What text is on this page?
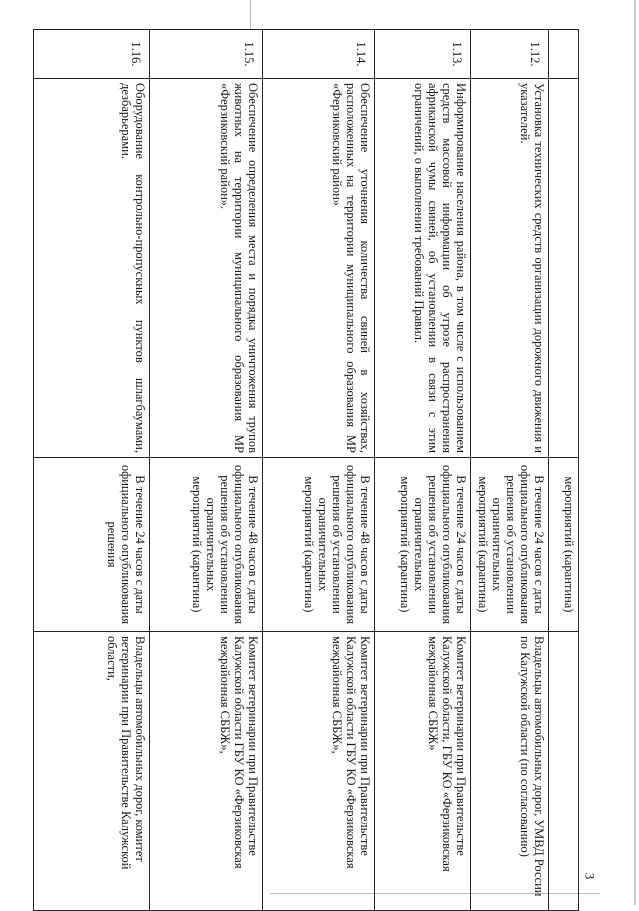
		мероприятий (карантина)	

1.12.	Установка технических средств организации дорожного движения и указателей.	В течение 24 часов с даты официального опубликования решения об установлении ограничительных мероприятий (карантина)	Владельцы автомобильных дорог, УМВД России по Калужской области (по согласованию)

1.13.	Информирование населения района, в том числе с использованием средств массовой информации об угрозе распространения африканской чумы свиней, об установлении в связи с этим ограничений, о выполнении требований Правил.	В течение 24 часов с даты официального опубликования решения об установлении ограничительных мероприятий (карантина)	Комитет ветеринарии при Правительстве Калужской области, ГБУ КО «Ферзиковская межрайонная СББЖ»

1.14.	Обеспечение уточнения количества свиней в хозяйствах, расположенных на территории муниципального образования МР «Ферзиковский район»	В течение 48 часов с даты официального опубликования решения об установлении ограничительных мероприятий (карантина)	Комитет ветеринарии при Правительстве Калужской области ГБУ КО «Ферзиковская межрайонная СББЖ»,

1.15.	Обеспечение определения места и порядка уничтожения трупов животных на территории муниципального образования МР «Ферзиковский район».	В течение 48 часов с даты официального опубликования решения об установлении ограничительных мероприятий (карантина)	Комитет ветеринарии при Правительстве Калужской области ГБУ КО «Ферзиковская межрайонная СББЖ»,

1.16.	Оборудование контрольно-пропускных пунктов шлагбаумами, дезбарьерами.	В течение 24 часов с даты официального опубликования решения	Владельцы автомобильных дорог, комитет ветеринарии при Правительстве Калужской области,
3
